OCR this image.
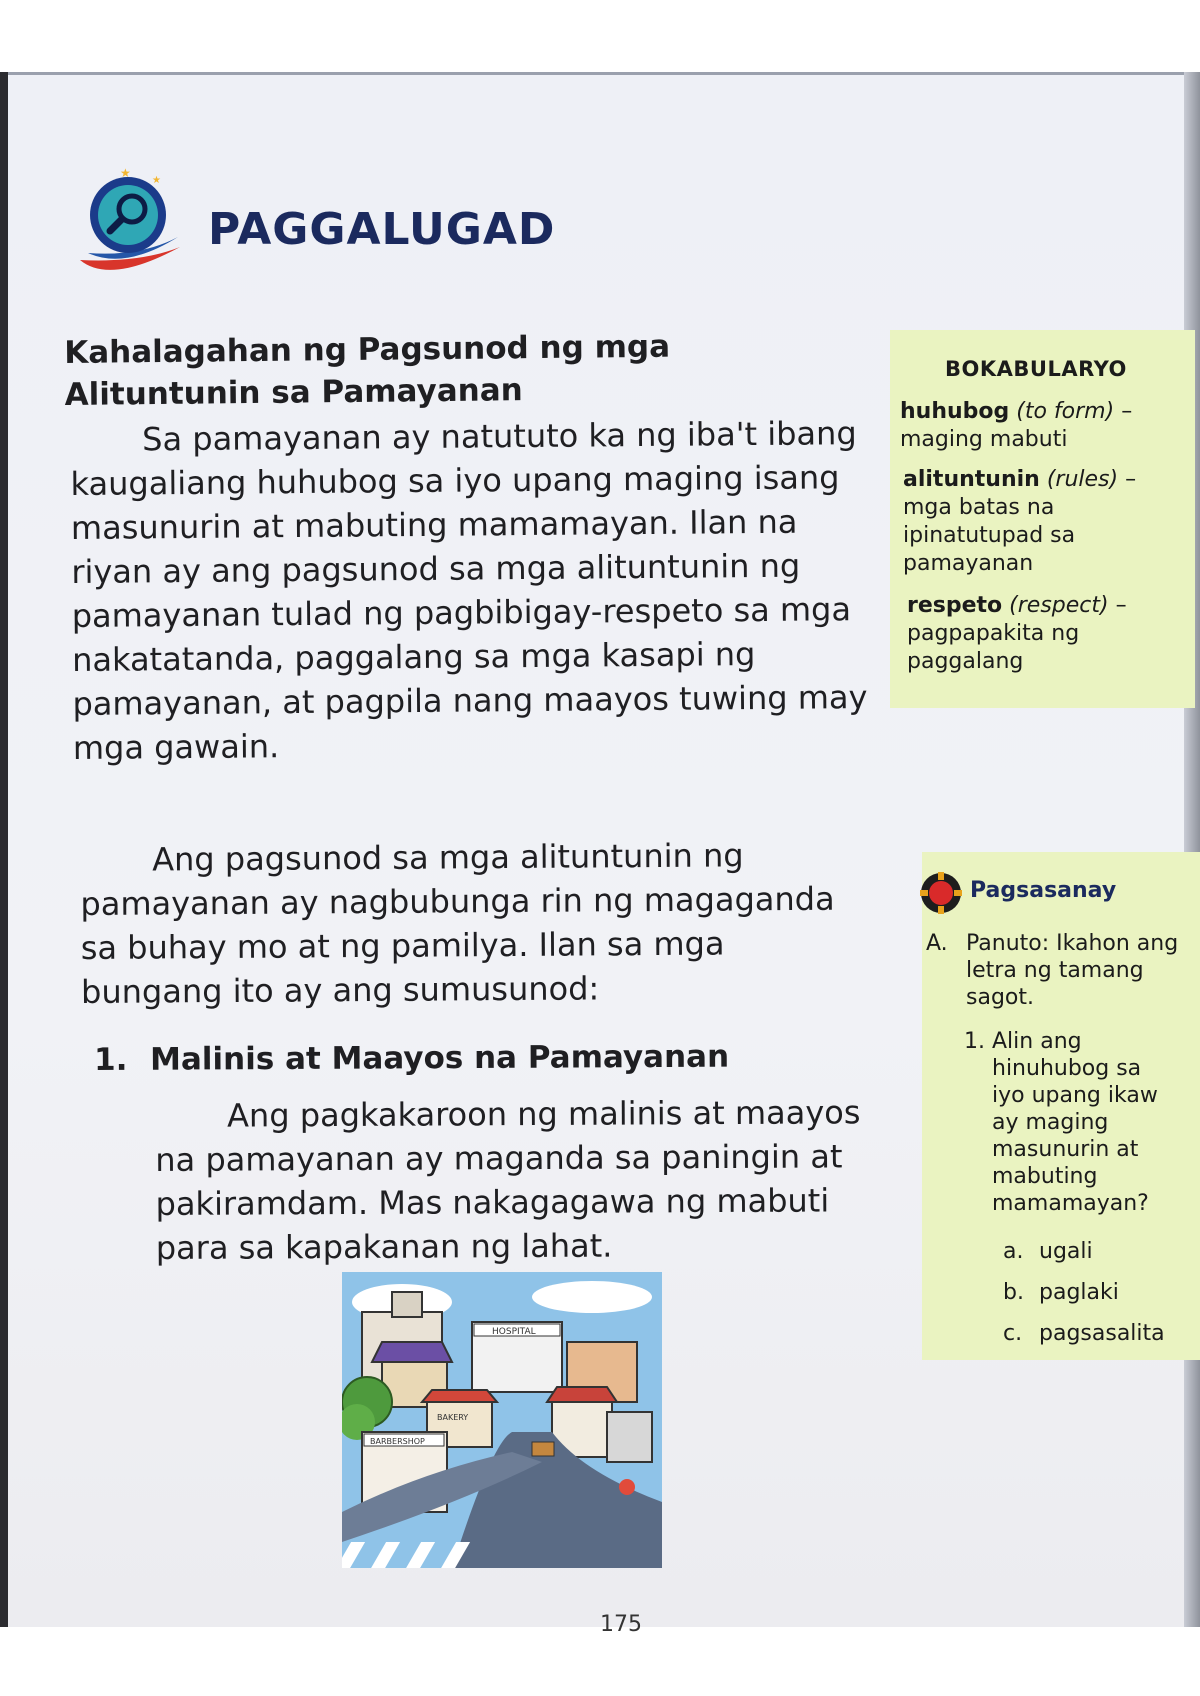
★
★
PAGGALUGAD
Kahalagahan ng Pagsunod ng mga Alituntunin sa Pamayanan
Sa pamayanan ay natututo ka ng iba't ibang kaugaliang huhubog sa iyo upang maging isang masunurin at mabuting mamamayan. Ilan na riyan ay ang pagsunod sa mga alituntunin ng pamayanan tulad ng pagbibigay-respeto sa mga nakatatanda, paggalang sa mga kasapi ng pamayanan, at pagpila nang maayos tuwing may mga gawain.
Ang pagsunod sa mga alituntunin ng pamayanan ay nagbubunga rin ng magaganda sa buhay mo at ng pamilya. Ilan sa mga bungang ito ay ang sumusunod:
1. Malinis at Maayos na Pamayanan
Ang pagkakaroon ng malinis at maayos na pamayanan ay maganda sa paningin at pakiramdam. Mas nakagagawa ng mabuti para sa kapakanan ng lahat.
HOSPITAL
BAKERY
BARBERSHOP
BOKABULARYO
huhubog (to form) – maging mabuti
alituntunin (rules) – mga batas na ipinatutupad sa pamayanan
respeto (respect) – pagpapakita ng paggalang
Pagsasanay
A. Panuto: Ikahon ang letra ng tamang sagot.
1. Alin ang hinuhubog sa iyo upang ikaw ay maging masunurin at mabuting mamamayan?
a. ugali
b. paglaki
c. pagsasalita
175
